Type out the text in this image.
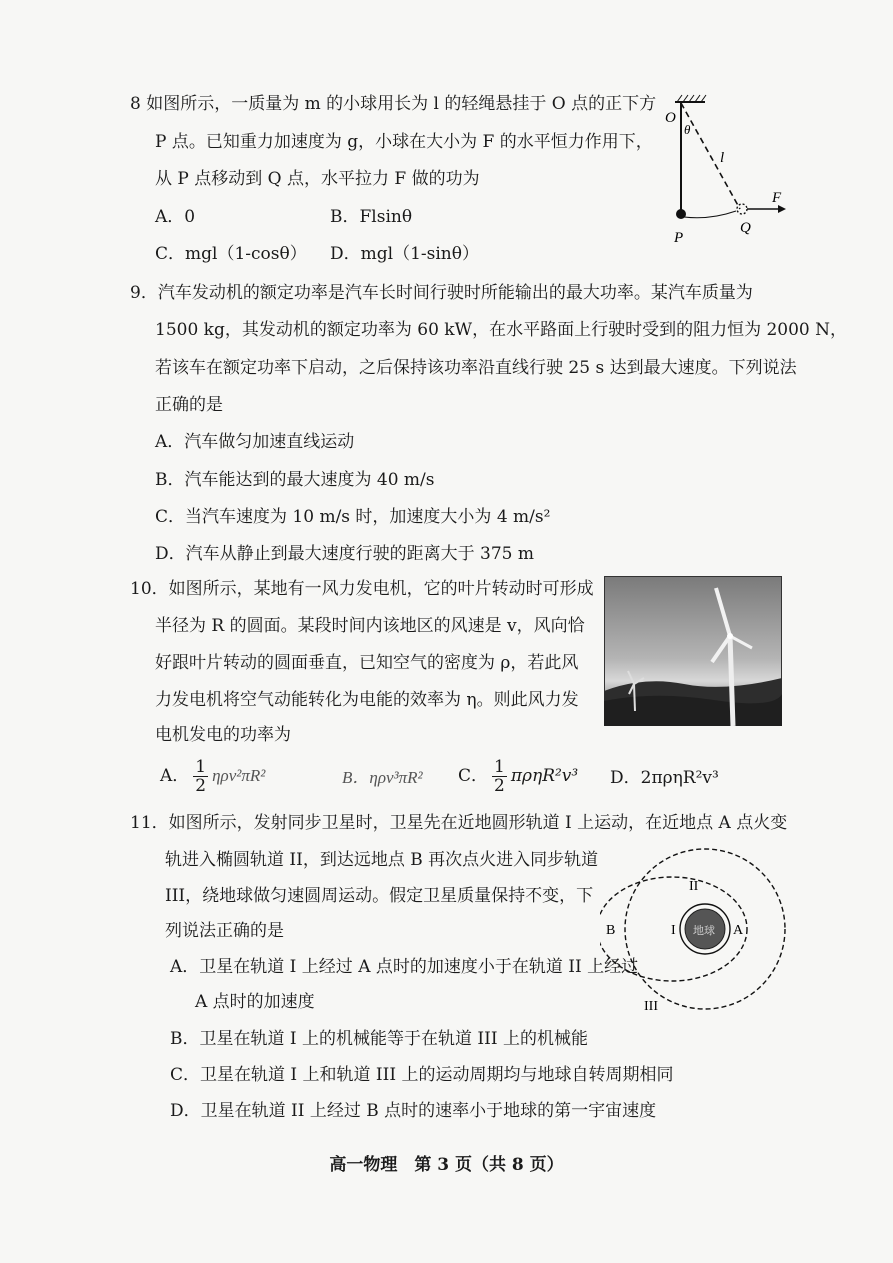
8 如图所示，一质量为 m 的小球用长为 l 的轻绳悬挂于 O 点的正下方
P 点。已知重力加速度为 g，小球在大小为 F 的水平恒力作用下，
从 P 点移动到 Q 点，水平拉力 F 做的功为
A．0	B．Flsinθ
C．mgl（1-cosθ） D．mgl（1-sinθ）
O
θ
l
F
P
Q
9．汽车发动机的额定功率是汽车长时间行驶时所能输出的最大功率。某汽车质量为
1500 kg，其发动机的额定功率为 60 kW，在水平路面上行驶时受到的阻力恒为 2000 N，
若该车在额定功率下启动，之后保持该功率沿直线行驶 25 s 达到最大速度。下列说法
正确的是
A．汽车做匀加速直线运动
B．汽车能达到的最大速度为 40 m/s
C．当汽车速度为 10 m/s 时，加速度大小为 4 m/s²
D．汽车从静止到最大速度行驶的距离大于 375 m
10．如图所示，某地有一风力发电机，它的叶片转动时可形成
半径为 R 的圆面。某段时间内该地区的风速是 v，风向恰
好跟叶片转动的圆面垂直，已知空气的密度为 ρ，若此风
力发电机将空气动能转化为电能的效率为 η。则此风力发
电机发电的功率为
A． $\frac{1}{2} \eta\rho v^2\pi R^2$	B．ηρv³πR² C． $\frac{1}{2} \pi\rho\eta R^2v^3$ D．2πρηR²v³
11．如图所示，发射同步卫星时，卫星先在近地圆形轨道 I 上运动，在近地点 A 点火变
轨进入椭圆轨道 II，到达远地点 B 再次点火进入同步轨道
III，绕地球做匀速圆周运动。假定卫星质量保持不变，下
列说法正确的是
A．卫星在轨道 I 上经过 A 点时的加速度小于在轨道 II 上经过
A 点时的加速度
B．卫星在轨道 I 上的机械能等于在轨道 III 上的机械能
C．卫星在轨道 I 上和轨道 III 上的运动周期均与地球自转周期相同
D．卫星在轨道 II 上经过 B 点时的速率小于地球的第一宇宙速度
地球
II
I
III
A
B
高一物理　第 3 页（共 8 页）
